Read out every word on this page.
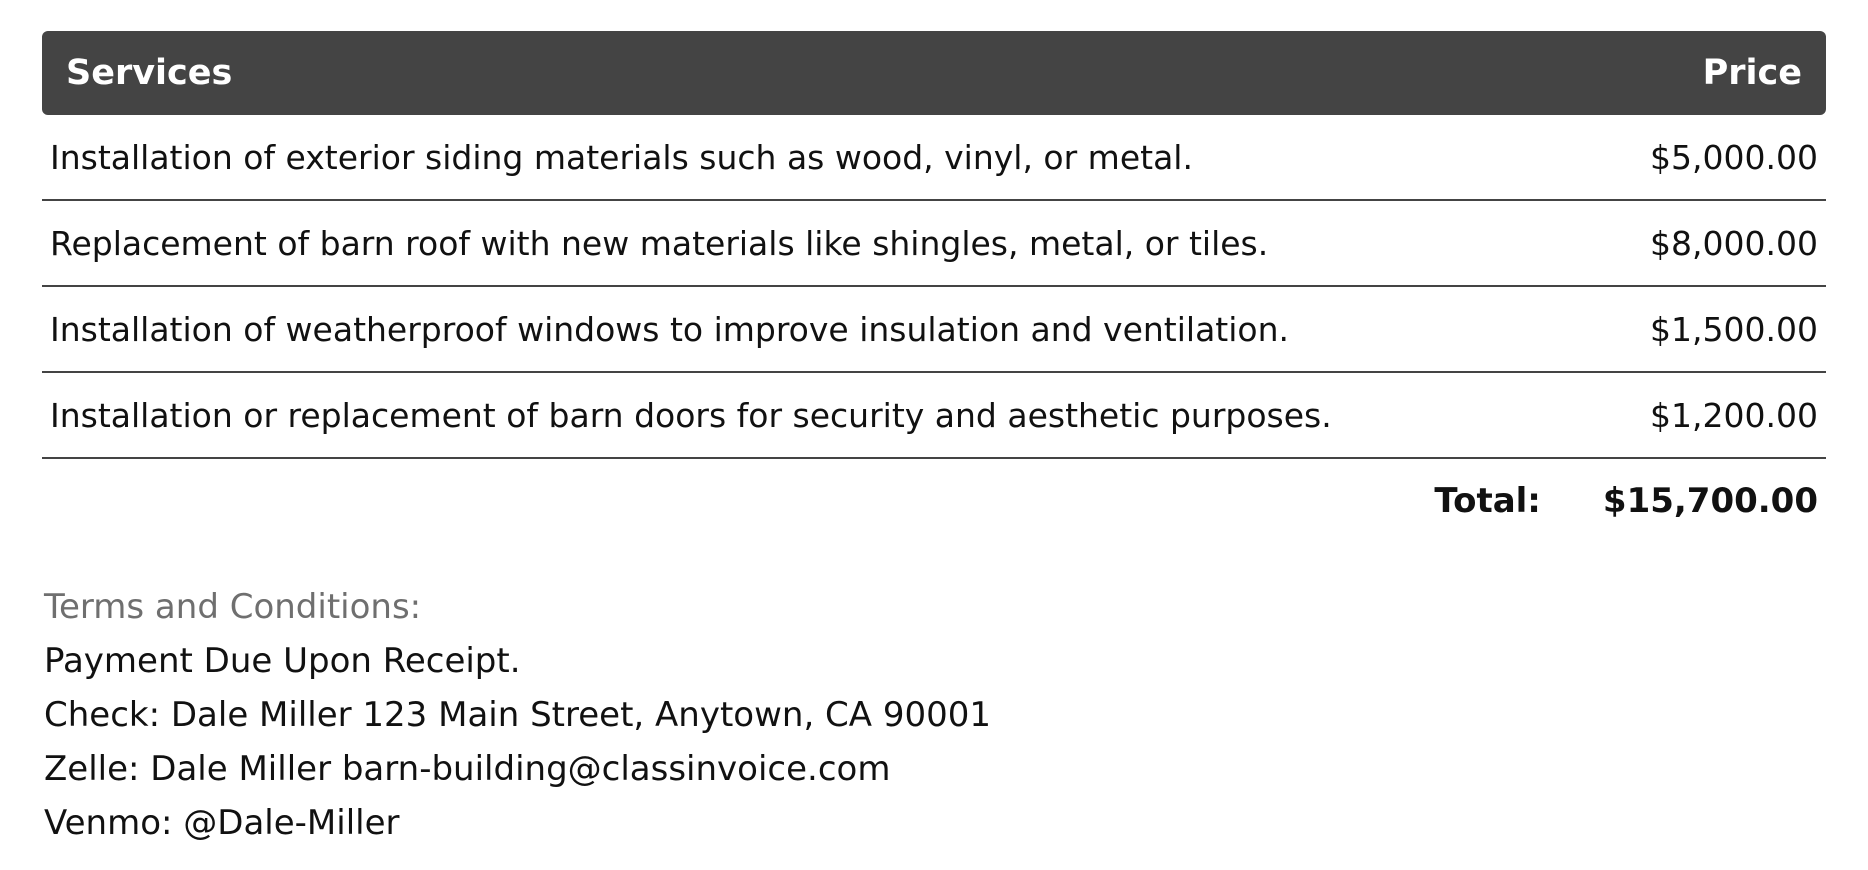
Services	Price
Installation of exterior siding materials such as wood, vinyl, or metal.	$5,000.00
Replacement of barn roof with new materials like shingles, metal, or tiles.	$8,000.00
Installation of weatherproof windows to improve insulation and ventilation.	$1,500.00
Installation or replacement of barn doors for security and aesthetic purposes.	$1,200.00
Total: $15,700.00
Terms and Conditions:
Payment Due Upon Receipt.
Check: Dale Miller 123 Main Street, Anytown, CA 90001
Zelle: Dale Miller barn-building@classinvoice.com
Venmo: @Dale-Miller
